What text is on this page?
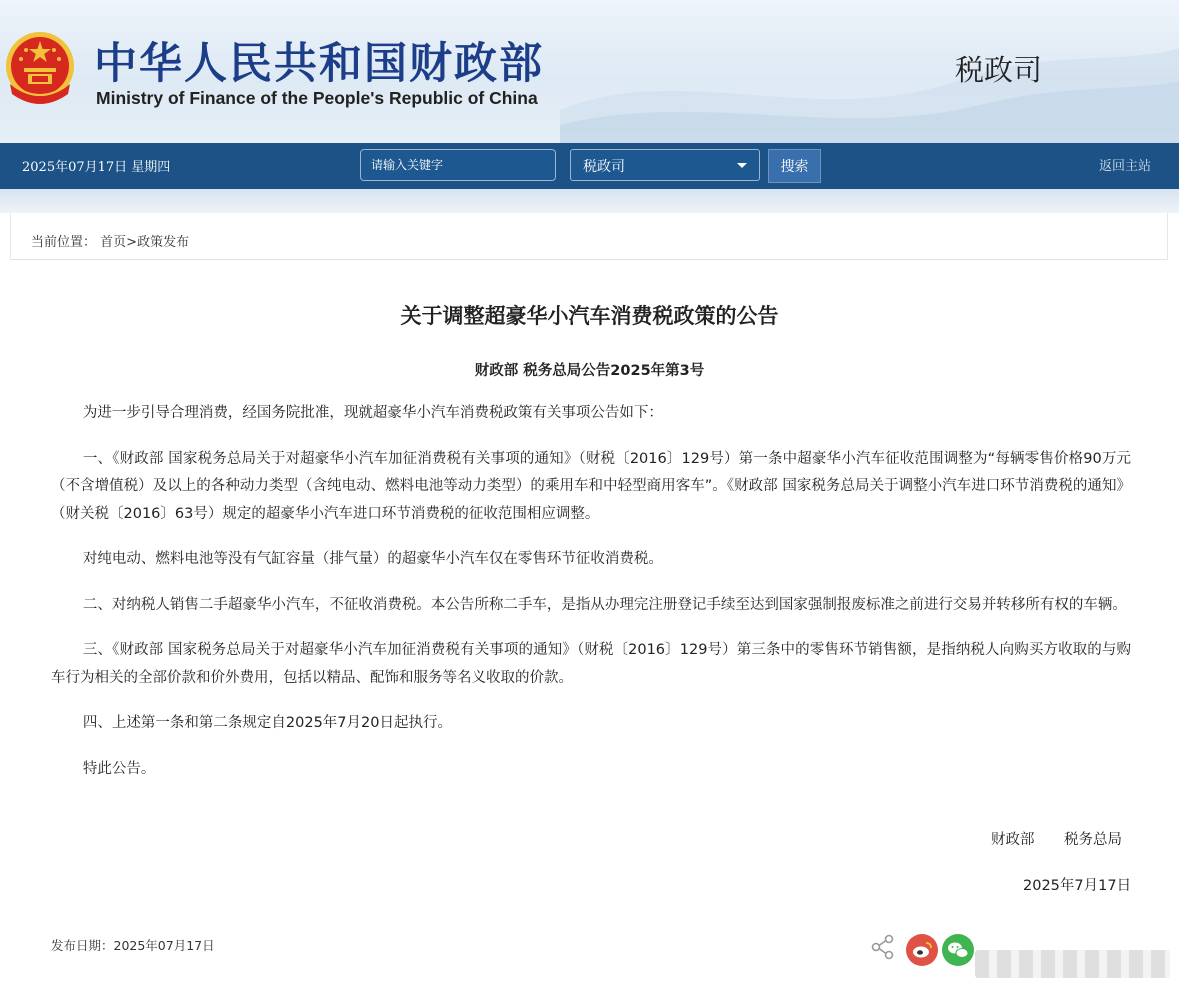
中华人民共和国财政部
Ministry of Finance of the People's Republic of China
税政司
2025年07月17日 星期四
请输入关键字	税政司	搜索	返回主站
当前位置： 首页>政策发布
关于调整超豪华小汽车消费税政策的公告
财政部 税务总局公告2025年第3号

为进一步引导合理消费，经国务院批准，现就超豪华小汽车消费税政策有关事项公告如下：

一、《财政部 国家税务总局关于对超豪华小汽车加征消费税有关事项的通知》（财税〔2016〕129号）第一条中超豪华小汽车征收范围调整为“每辆零售价格90万元（不含增值税）及以上的各种动力类型（含纯电动、燃料电池等动力类型）的乘用车和中轻型商用客车”。《财政部 国家税务总局关于调整小汽车进口环节消费税的通知》（财关税〔2016〕63号）规定的超豪华小汽车进口环节消费税的征收范围相应调整。

对纯电动、燃料电池等没有气缸容量（排气量）的超豪华小汽车仅在零售环节征收消费税。

二、对纳税人销售二手超豪华小汽车，不征收消费税。本公告所称二手车，是指从办理完注册登记手续至达到国家强制报废标准之前进行交易并转移所有权的车辆。

三、《财政部 国家税务总局关于对超豪华小汽车加征消费税有关事项的通知》（财税〔2016〕129号）第三条中的零售环节销售额，是指纳税人向购买方收取的与购车行为相关的全部价款和价外费用，包括以精品、配饰和服务等名义收取的价款。

四、上述第一条和第二条规定自2025年7月20日起执行。

特此公告。

财政部 税务总局
2025年7月17日
发布日期：2025年07月17日
